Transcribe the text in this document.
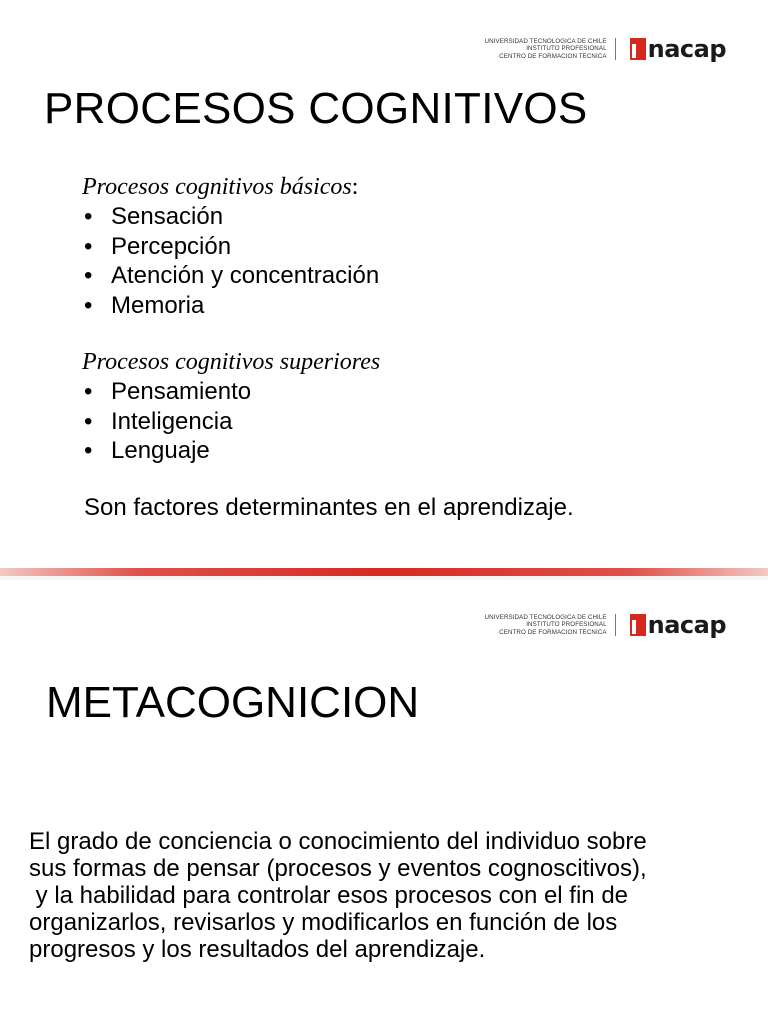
UNIVERSIDAD TECNOLOGICA DE CHILE
INSTITUTO PROFESIONAL
CENTRO DE FORMACION TECNICA nacap
PROCESOS COGNITIVOS
Procesos cognitivos básicos:
• Sensación
• Percepción
• Atención y concentración
• Memoria
Procesos cognitivos superiores
• Pensamiento
• Inteligencia
• Lenguaje
Son factores determinantes en el aprendizaje.
UNIVERSIDAD TECNOLOGICA DE CHILE
INSTITUTO PROFESIONAL
CENTRO DE FORMACION TECNICA nacap
METACOGNICION
El grado de conciencia o conocimiento del individuo sobre
sus formas de pensar (procesos y eventos cognoscitivos),
y la habilidad para controlar esos procesos con el fin de
organizarlos, revisarlos y modificarlos en función de los
progresos y los resultados del aprendizaje.
